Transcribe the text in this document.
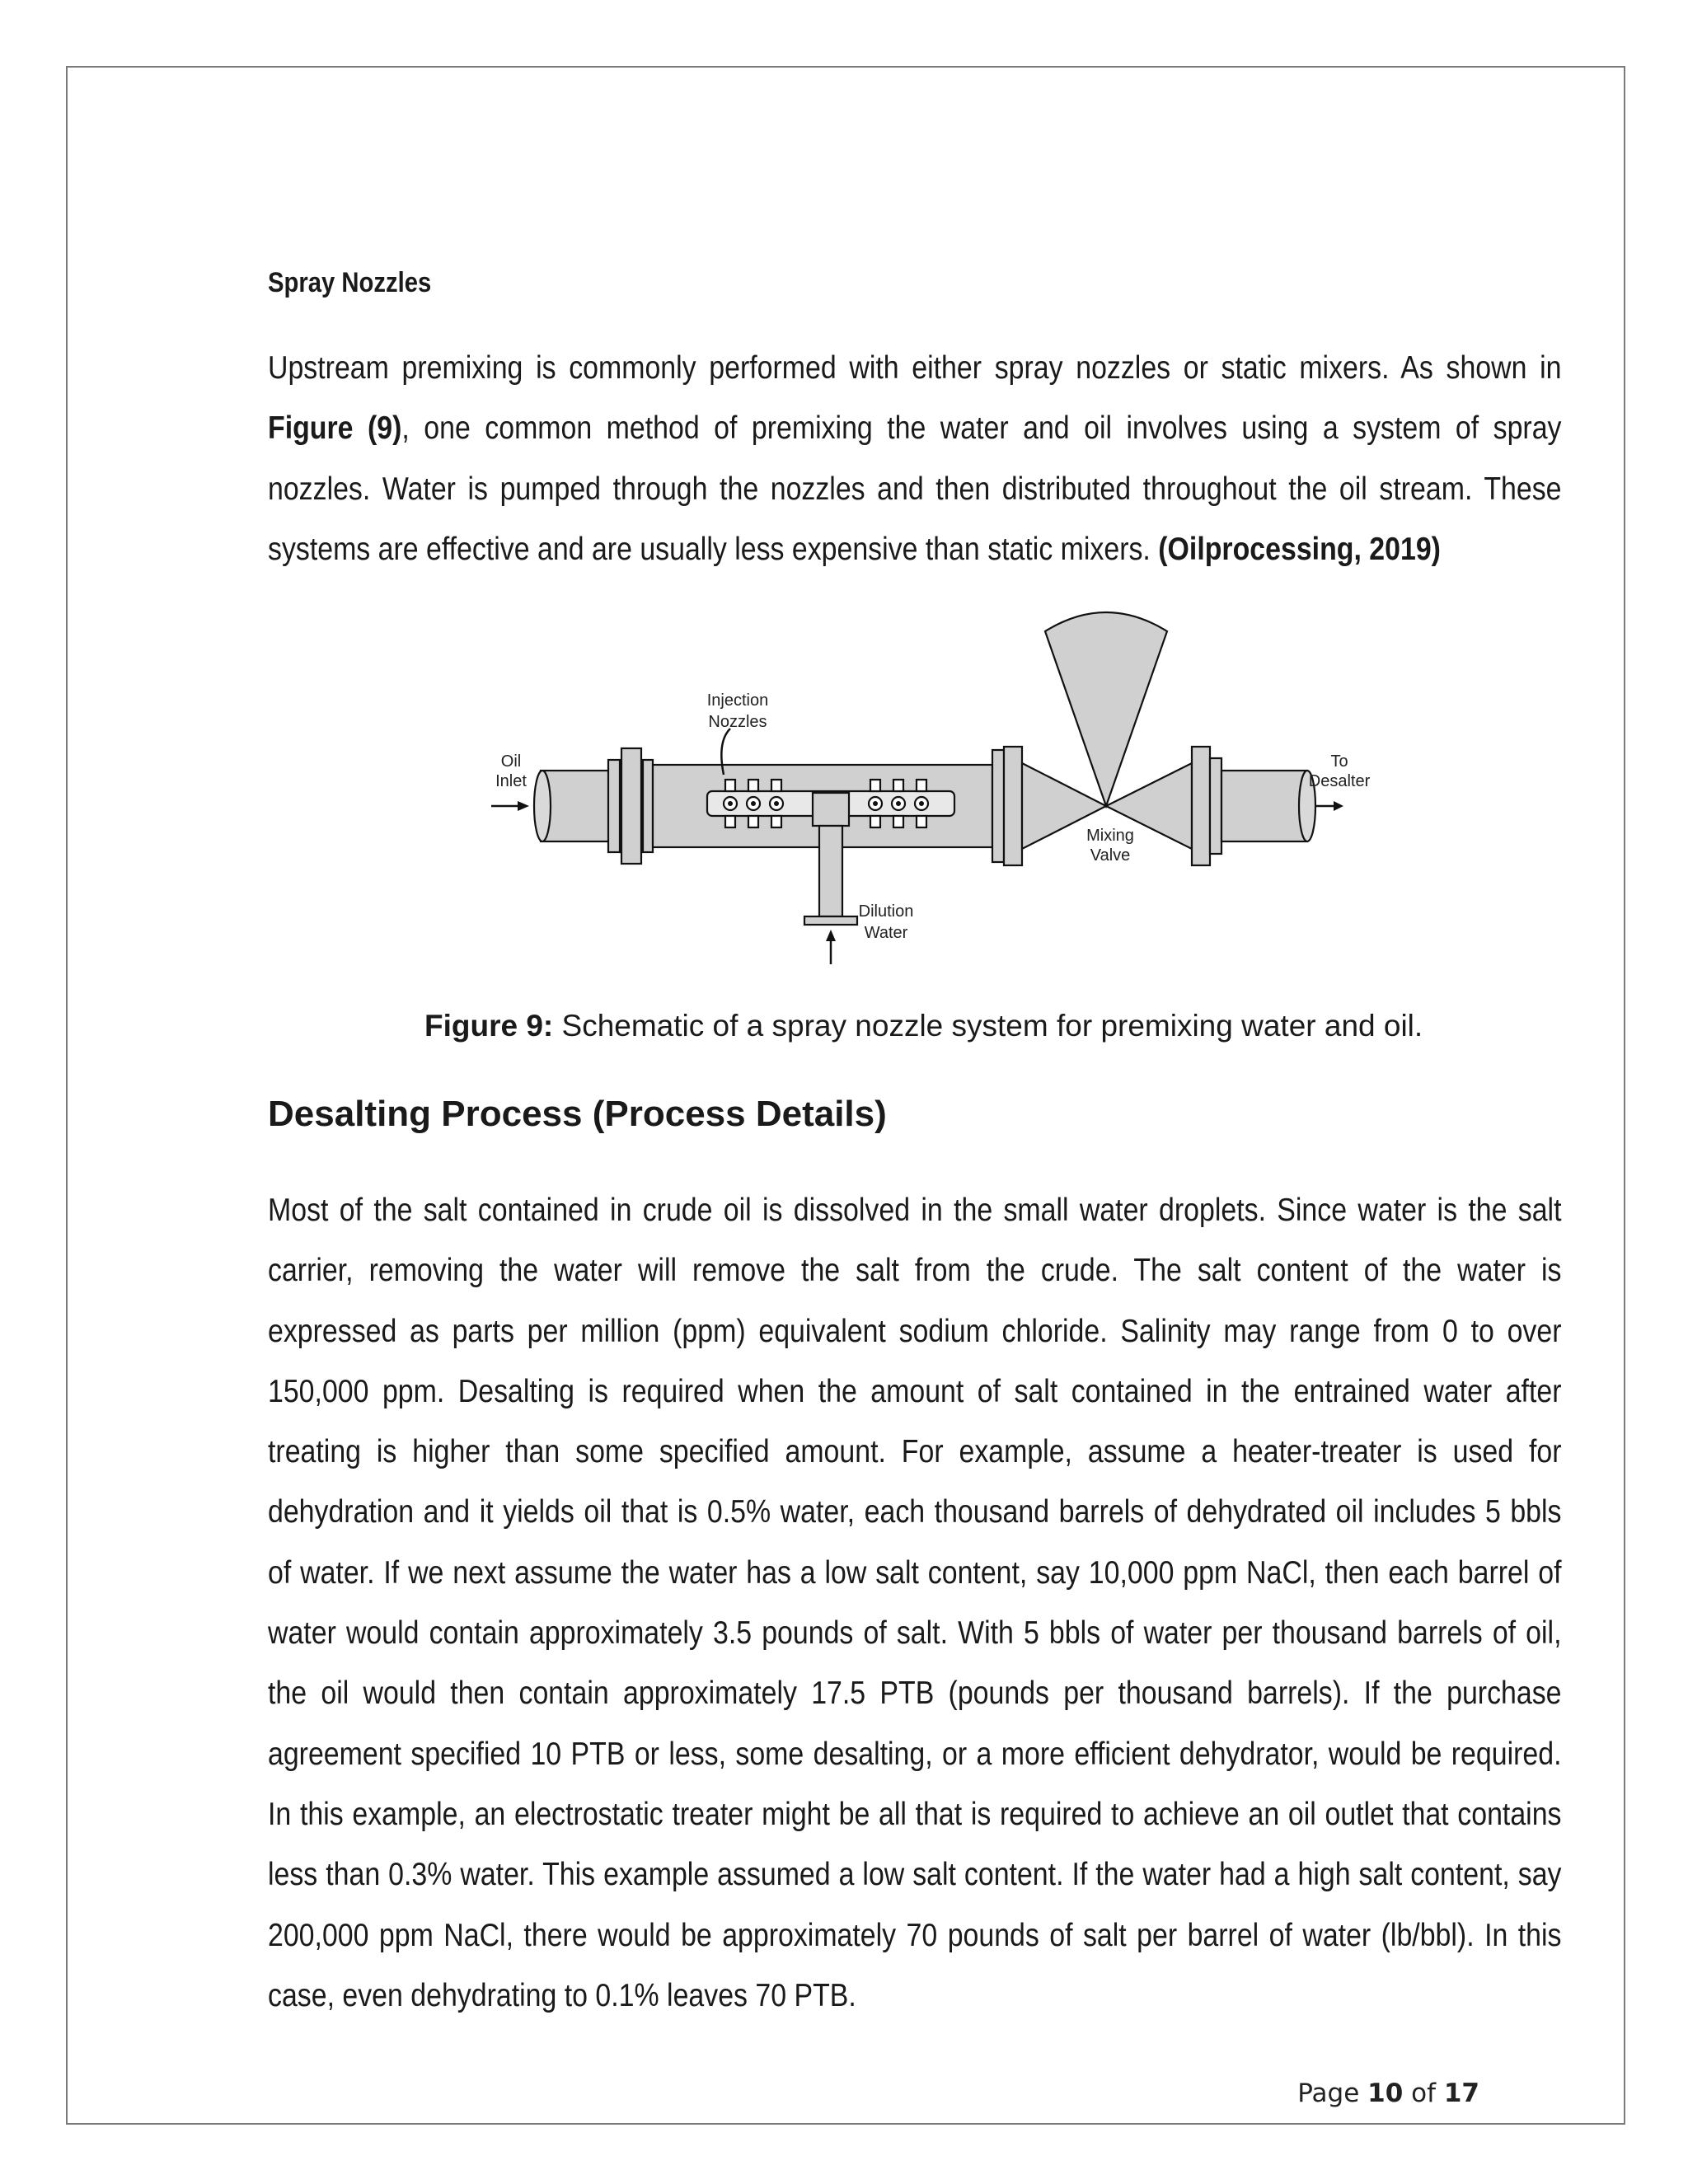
Spray Nozzles
Upstream premixing is commonly performed with either spray nozzles or static mixers. As shown in Figure (9), one common method of premixing the water and oil involves using a system of spray nozzles. Water is pumped through the nozzles and then distributed throughout the oil stream. These systems are effective and are usually less expensive than static mixers. (Oilprocessing, 2019)
Oil
Inlet
Injection
Nozzles
To
Desalter
Mixing
Valve
Dilution
Water

Figure 9: Schematic of a spray nozzle system for premixing water and oil.

Desalting Process (Process Details)
Most of the salt contained in crude oil is dissolved in the small water droplets. Since water is the salt carrier, removing the water will remove the salt from the crude. The salt content of the water is expressed as parts per million (ppm) equivalent sodium chloride. Salinity may range from 0 to over 150,000 ppm. Desalting is required when the amount of salt contained in the entrained water after treating is higher than some specified amount. For example, assume a heater-treater is used for dehydration and it yields oil that is 0.5% water, each thousand barrels of dehydrated oil includes 5 bbls of water. If we next assume the water has a low salt content, say 10,000 ppm NaCl, then each barrel of water would contain approximately 3.5 pounds of salt. With 5 bbls of water per thousand barrels of oil, the oil would then contain approximately 17.5 PTB (pounds per thousand barrels). If the purchase agreement specified 10 PTB or less, some desalting, or a more efficient dehydrator, would be required. In this example, an electrostatic treater might be all that is required to achieve an oil outlet that contains less than 0.3% water. This example assumed a low salt content. If the water had a high salt content, say 200,000 ppm NaCl, there would be approximately 70 pounds of salt per barrel of water (lb/bbl). In this case, even dehydrating to 0.1% leaves 70 PTB.

Page 10 of 17
